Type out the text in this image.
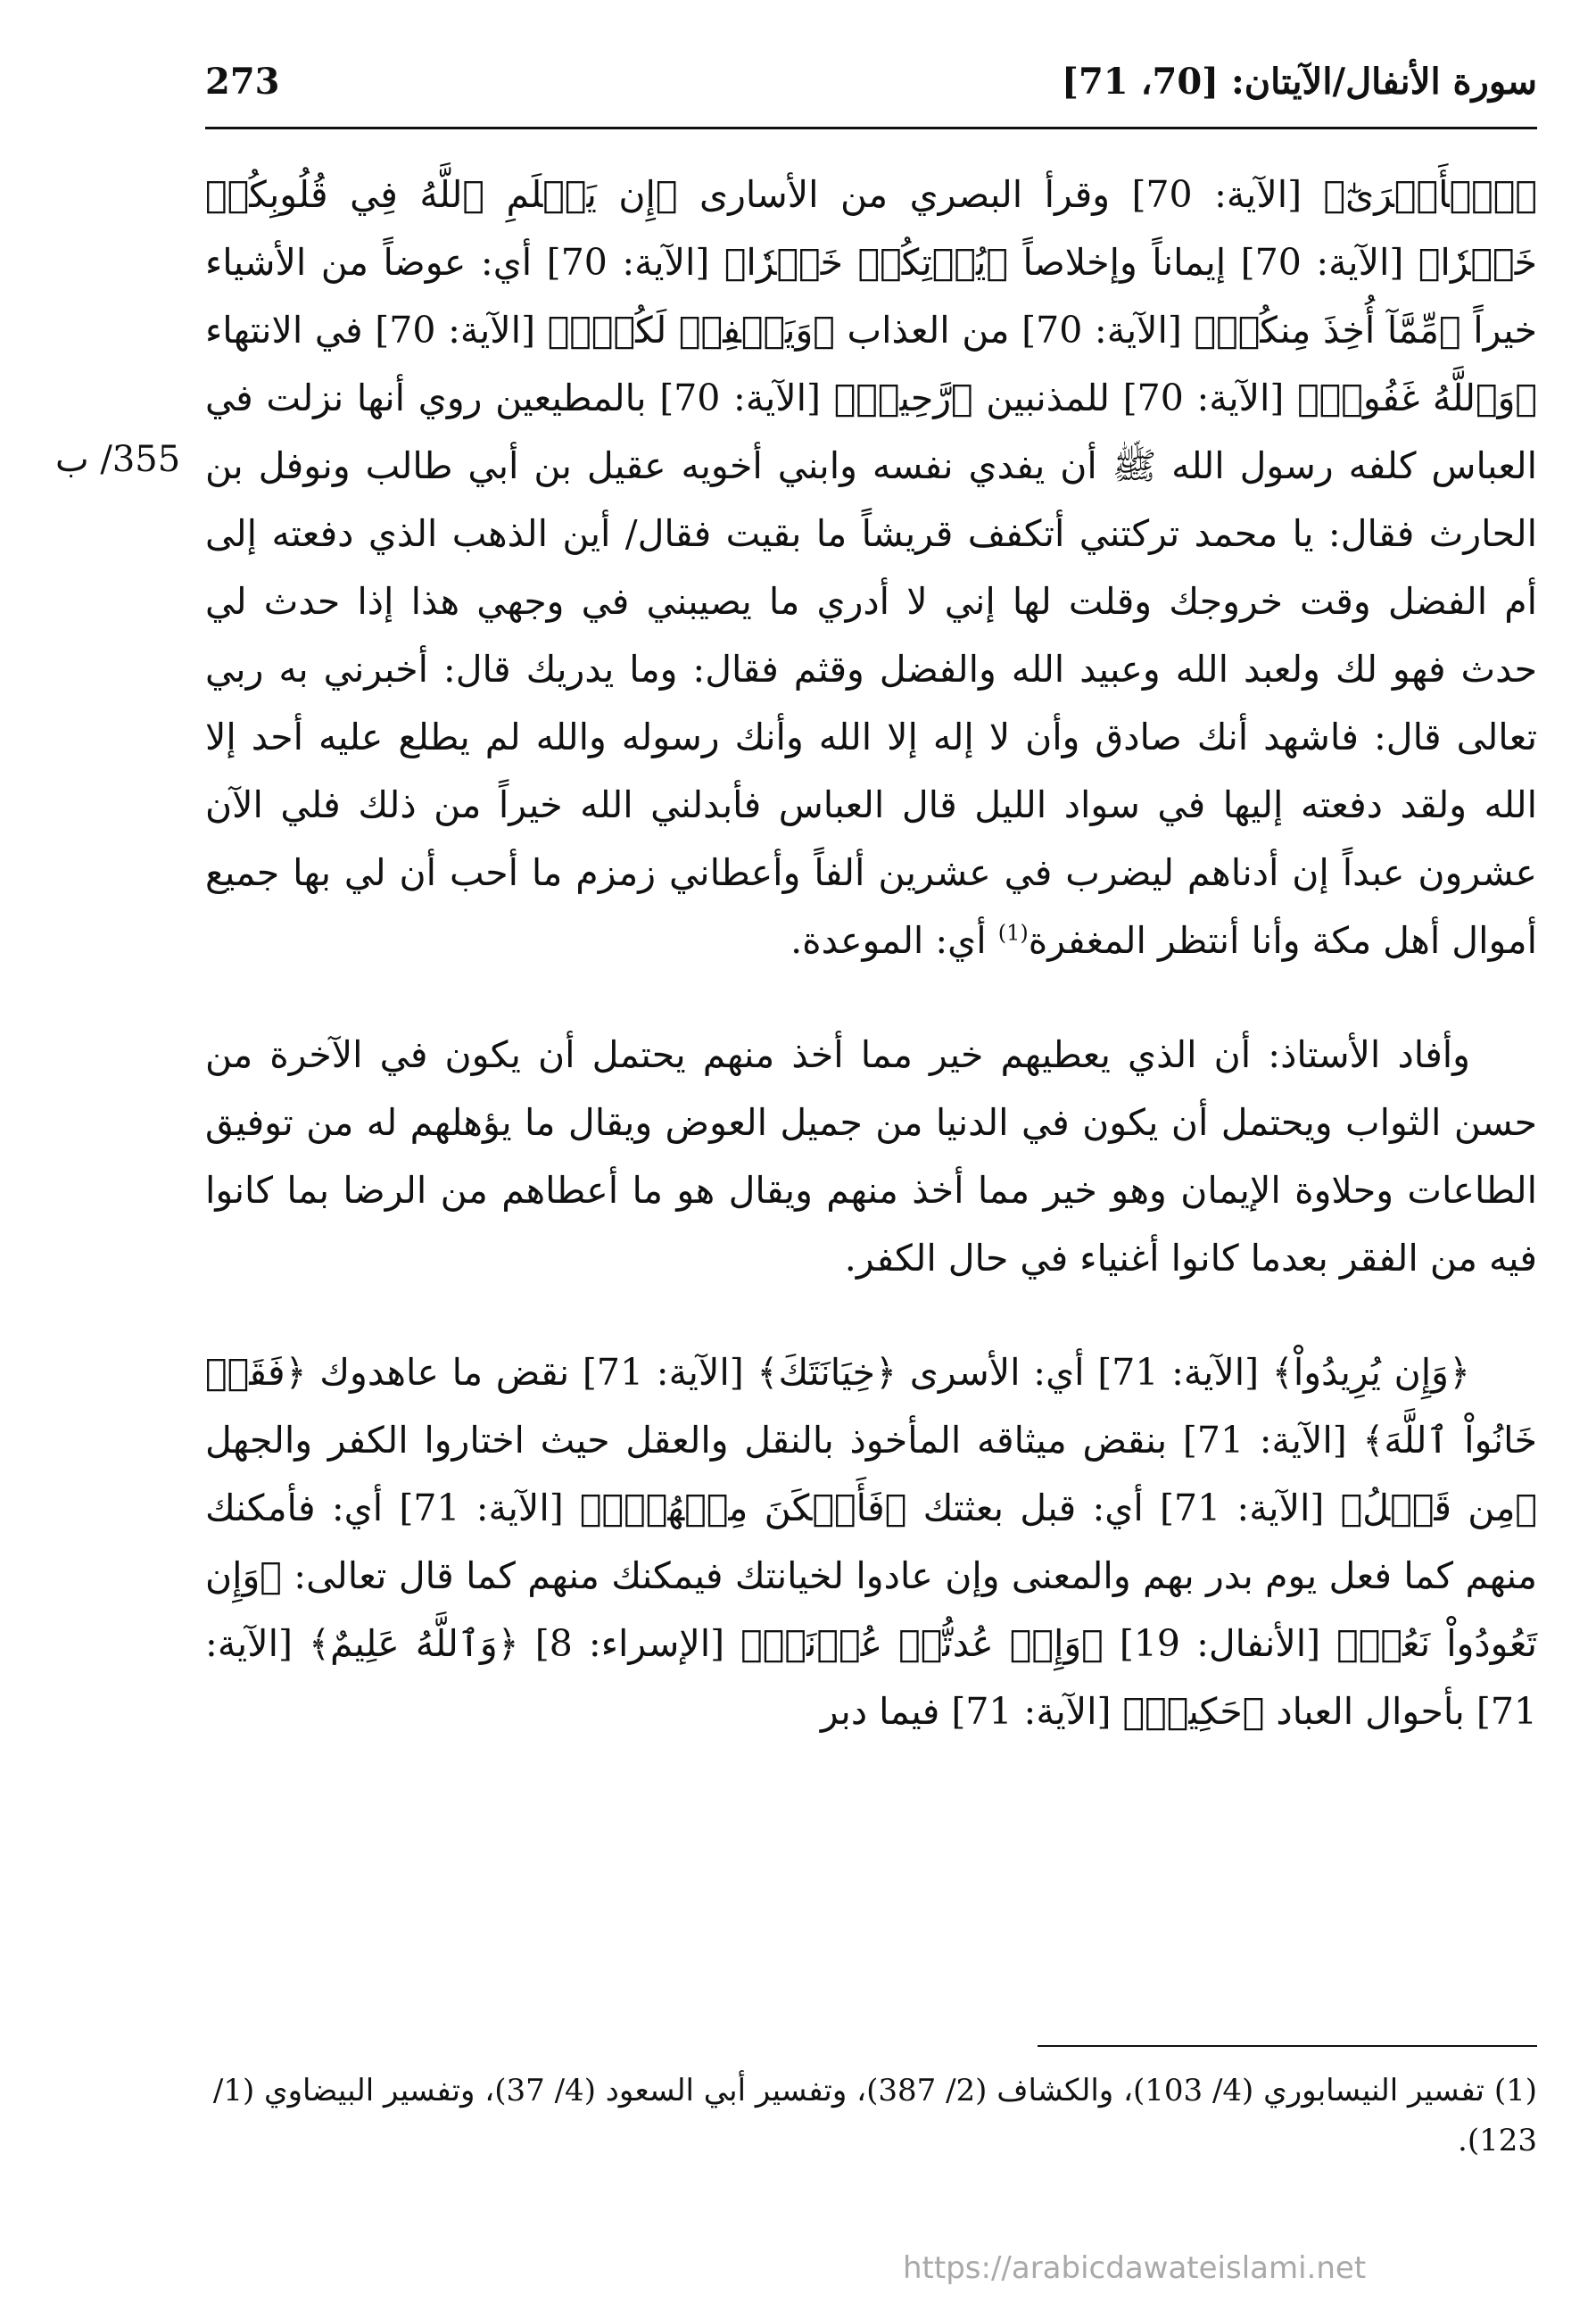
سورة الأنفال/الآيتان: [70، 71]
273
355/ ب

﴿ٱلۡأَسۡرَىٰٓ﴾ [الآية: 70] وقرأ البصري من الأسارى ﴿إِن يَعۡلَمِ ٱللَّهُ فِي قُلُوبِكُمۡ خَيۡرٗا﴾ [الآية: 70] إيماناً وإخلاصاً ﴿يُؤۡتِكُمۡ خَيۡرٗا﴾ [الآية: 70] أي: عوضاً من الأشياء خيراً ﴿مِّمَّآ أُخِذَ مِنكُمۡ﴾ [الآية: 70] من العذاب ﴿وَيَغۡفِرۡ لَكُمۡۚ﴾ [الآية: 70] في الانتهاء ﴿وَٱللَّهُ غَفُورٞ﴾ [الآية: 70] للمذنبين ﴿رَّحِيمٞ﴾ [الآية: 70] بالمطيعين روي أنها نزلت في العباس كلفه رسول الله ﷺ أن يفدي نفسه وابني أخويه عقيل بن أبي طالب ونوفل بن الحارث فقال: يا محمد تركتني أتكفف قريشاً ما بقيت فقال/ أين الذهب الذي دفعته إلى أم الفضل وقت خروجك وقلت لها إني لا أدري ما يصيبني في وجهي هذا إذا حدث لي حدث فهو لك ولعبد الله وعبيد الله والفضل وقثم فقال: وما يدريك قال: أخبرني به ربي تعالى قال: فاشهد أنك صادق وأن لا إله إلا الله وأنك رسوله والله لم يطلع عليه أحد إلا الله ولقد دفعته إليها في سواد الليل قال العباس فأبدلني الله خيراً من ذلك فلي الآن عشرون عبداً إن أدناهم ليضرب في عشرين ألفاً وأعطاني زمزم ما أحب أن لي بها جميع أموال أهل مكة وأنا أنتظر المغفرة$^{(1)}$ أي: الموعدة.

وأفاد الأستاذ: أن الذي يعطيهم خير مما أخذ منهم يحتمل أن يكون في الآخرة من حسن الثواب ويحتمل أن يكون في الدنيا من جميل العوض ويقال ما يؤهلهم له من توفيق الطاعات وحلاوة الإيمان وهو خير مما أخذ منهم ويقال هو ما أعطاهم من الرضا بما كانوا فيه من الفقر بعدما كانوا أغنياء في حال الكفر.

﴿وَإِن يُرِيدُواْ﴾ [الآية: 71] أي: الأسرى ﴿خِيَانَتَكَ﴾ [الآية: 71] نقض ما عاهدوك ﴿فَقَدۡ خَانُواْ ٱللَّهَ﴾ [الآية: 71] بنقض ميثاقه المأخوذ بالنقل والعقل حيث اختاروا الكفر والجهل ﴿مِن قَبۡلُ﴾ [الآية: 71] أي: قبل بعثتك ﴿فَأَمۡكَنَ مِنۡهُمۡۗ﴾ [الآية: 71] أي: فأمكنك منهم كما فعل يوم بدر بهم والمعنى وإن عادوا لخيانتك فيمكنك منهم كما قال تعالى: ﴿وَإِن تَعُودُواْ نَعُدۡ﴾ [الأنفال: 19] ﴿وَإِنۡ عُدتُّمۡ عُدۡنَاۚ﴾ [الإسراء: 8] ﴿وَٱللَّهُ عَلِيمٌ﴾ [الآية: 71] بأحوال العباد ﴿حَكِيمٞ﴾ [الآية: 71] فيما دبر

(1) تفسير النيسابوري (4/ 103)، والكشاف (2/ 387)، وتفسير أبي السعود (4/ 37)، وتفسير البيضاوي (1/ 123).
https://arabicdawateislami.net
